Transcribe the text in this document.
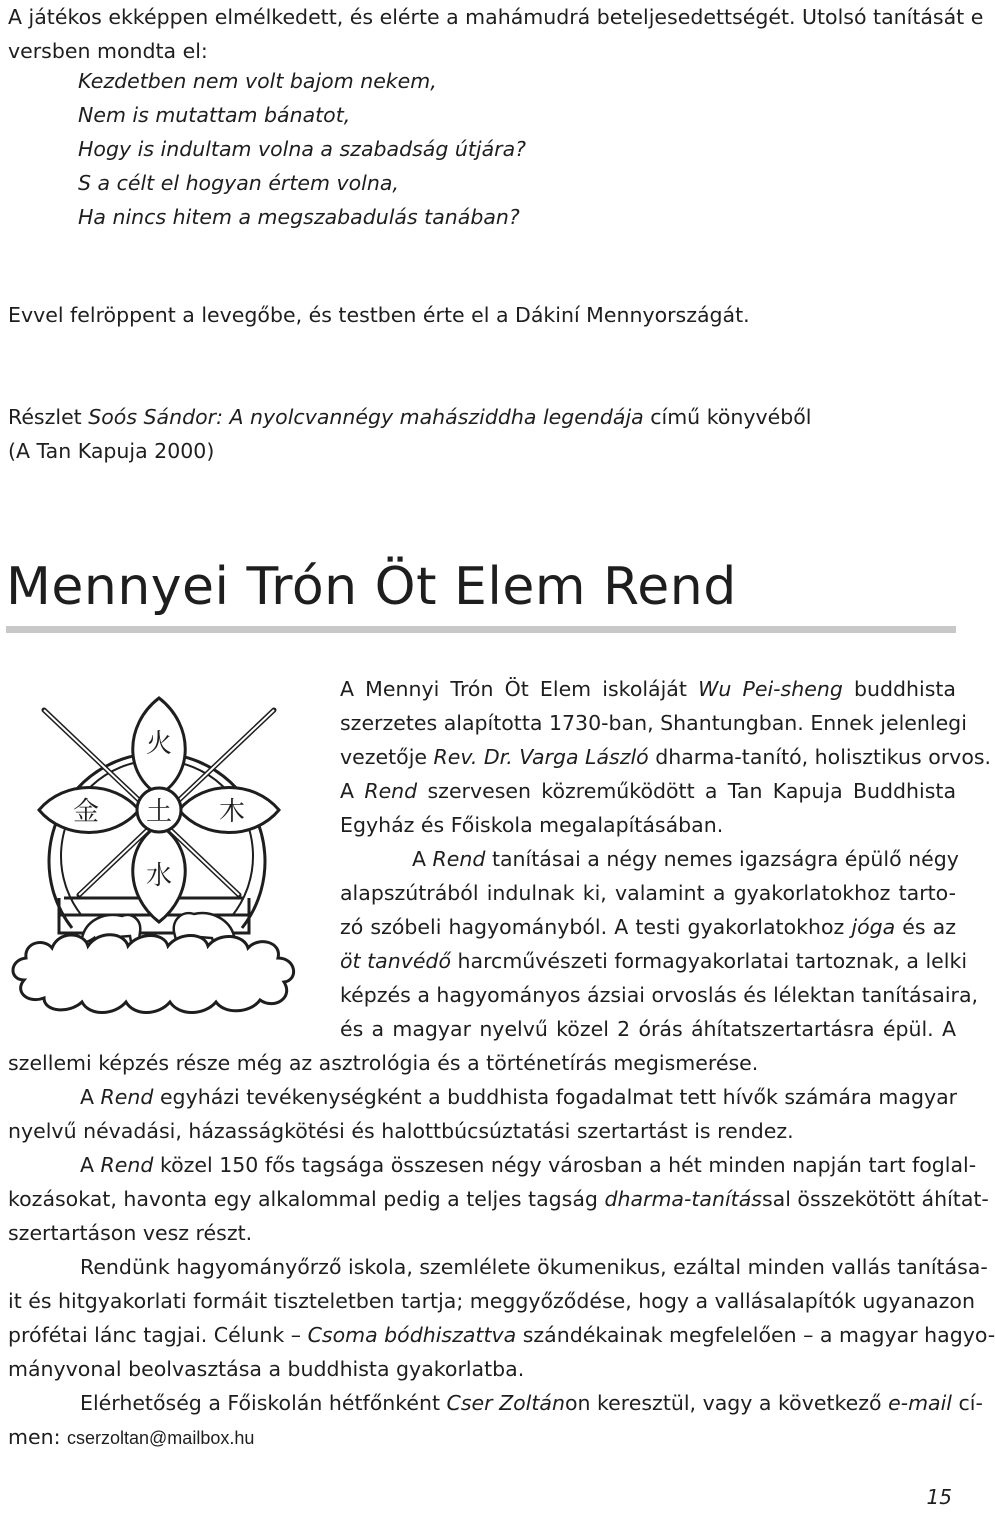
A játékos ekképpen elmélkedett, és elérte a mahámudrá beteljesedettségét. Utolsó tanítását e
versben mondta el:

Kezdetben nem volt bajom nekem,
Nem is mutattam bánatot,
Hogy is indultam volna a szabadság útjára?
S a célt el hogyan értem volna,
Ha nincs hitem a megszabadulás tanában?

Evvel felröppent a levegőbe, és testben érte el a Dákiní Mennyországát.

Részlet Soós Sándor: A nyolcvannégy mahásziddha legendája című könyvéből
(A Tan Kapuja 2000)

Mennyei Trón Öt Elem Rend
火
金 土 木
水

A Mennyi Trón Öt Elem iskoláját Wu Pei-sheng buddhista
szerzetes alapította 1730-ban, Shantungban. Ennek jelenlegi
vezetője Rev. Dr. Varga László dharma-tanító, holisztikus orvos.
A Rend szervesen közreműködött a Tan Kapuja Buddhista
Egyház és Főiskola megalapításában.

A Rend tanításai a négy nemes igazságra épülő négy
alapszútrából indulnak ki, valamint a gyakorlatokhoz tarto-
zó szóbeli hagyományból. A testi gyakorlatokhoz jóga és az
öt tanvédő harcművészeti formagyakorlatai tartoznak, a lelki
képzés a hagyományos ázsiai orvoslás és lélektan tanításaira,
és a magyar nyelvű közel 2 órás áhítatszertartásra épül. A

szellemi képzés része még az asztrológia és a történetírás megismerése.
A Rend egyházi tevékenységként a buddhista fogadalmat tett hívők számára magyar
nyelvű névadási, házasságkötési és halottbúcsúztatási szertartást is rendez.
A Rend közel 150 fős tagsága összesen négy városban a hét minden napján tart foglal-
kozásokat, havonta egy alkalommal pedig a teljes tagság dharma-tanítással összekötött áhítat-
szertartáson vesz részt.
Rendünk hagyományőrző iskola, szemlélete ökumenikus, ezáltal minden vallás tanítása-
it és hitgyakorlati formáit tiszteletben tartja; meggyőződése, hogy a vallásalapítók ugyanazon
prófétai lánc tagjai. Célunk – Csoma bódhiszattva szándékainak megfelelően – a magyar hagyo-
mányvonal beolvasztása a buddhista gyakorlatba.
Elérhetőség a Főiskolán hétfőnként Cser Zoltánon keresztül, vagy a következő e-mail cí-
men: cserzoltan@mailbox.hu

15
